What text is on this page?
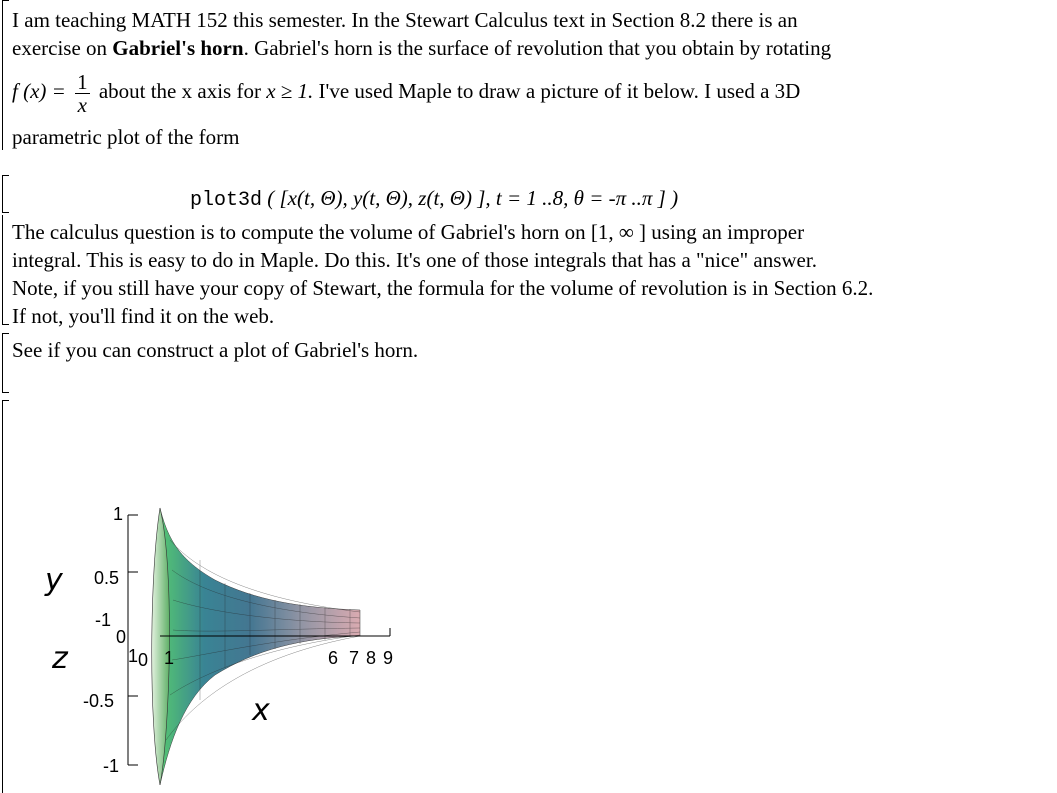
I am teaching MATH 152 this semester. In the Stewart Calculus text in Section 8.2 there is an
exercise on Gabriel's horn. Gabriel's horn is the surface of revolution that you obtain by rotating
f $(x) = \frac{1}{x}$ about the x axis for x ≥ 1. I've used Maple to draw a picture of it below. I used a 3D
parametric plot of the form
plot3d ( [x(t, Θ), y(t, Θ), z(t, Θ) ], t = 1 ..8, θ = -π ..π ] )
The calculus question is to compute the volume of Gabriel's horn on [1, ∞ ] using an improper
integral. This is easy to do in Maple. Do this. It's one of those integrals that has a "nice" answer.
Note, if you still have your copy of Stewart, the formula for the volume of revolution is in Section 6.2.
If not, you'll find it on the web.
See if you can construct a plot of Gabriel's horn.
1
0.5
-1
0
-0.5
-1
1 0 1	6 7 8 9
y
z
x
